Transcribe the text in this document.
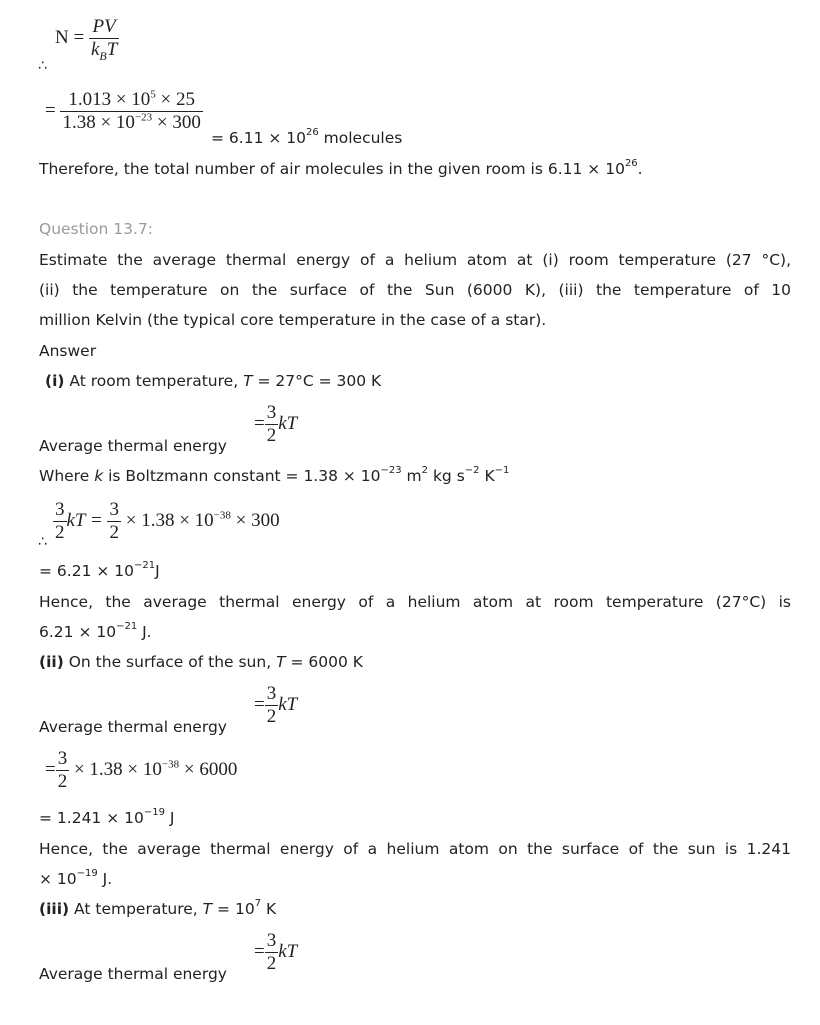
$N = \frac{PV}{k_BT}$
∴
= $\frac{1.013 \times 10^5 \times 25}{1.38 \times 10^{-23} \times 300}$
= $6.11 \times 10^{26}$ molecules
Therefore, the total number of air molecules in the given room is $6.11 \times 10^{26}$.
Question 13.7:
Estimate the average thermal energy of a helium atom at (i) room temperature (27 °C),
(ii) the temperature on the surface of the Sun (6000 K), (iii) the temperature of 10
million Kelvin (the typical core temperature in the case of a star).
Answer
(i) At room temperature, T = 27°C = 300 K
= $\frac{3}{2}$ kT
Average thermal energy
Where k is Boltzmann constant = $1.38 \times 10^{-23}$ $m^2$ kg $s^{-2}$ $K^{-1}$
$\frac{3}{2}$ kT = $\frac{3}{2} \times 1.38 \times 10^{-38} \times 300$
∴
= $6.21 \times 10^{-21}J$
Hence, the average thermal energy of a helium atom at room temperature (27°C) is
$6.21 \times 10^{-21}$ J.
(ii) On the surface of the sun, T = 6000 K
= $\frac{3}{2}$ kT
Average thermal energy
= $\frac{3}{2} \times 1.38 \times 10^{-38} \times 6000$
= $1.241 \times 10^{-19}$ J
Hence, the average thermal energy of a helium atom on the surface of the sun is 1.241
× $10^{-19}$ J.
(iii) At temperature, $T = 10^7$ K
= $\frac{3}{2}$ kT
Average thermal energy
